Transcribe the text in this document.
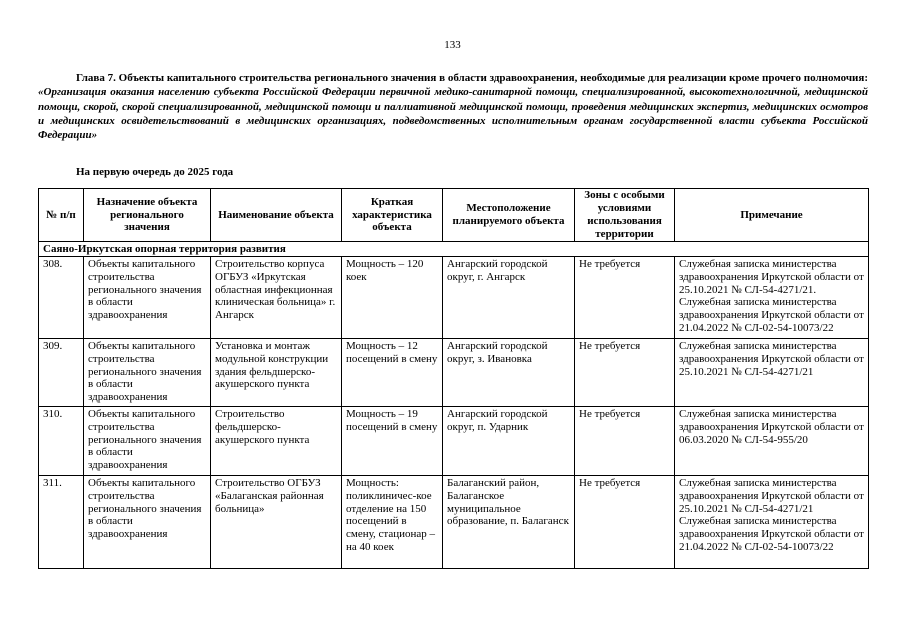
133

Глава 7. Объекты капитального строительства регионального значения в области здравоохранения, необходимые для реализации кроме прочего полномочия: «Организация оказания населению субъекта Российской Федерации первичной медико-санитарной помощи, специализированной, высокотехнологичной, медицинской помощи, скорой, скорой специализированной, медицинской помощи и паллиативной медицинской помощи, проведения медицинских экспертиз, медицинских осмотров и медицинских освидетельствований в медицинских организациях, подведомственных исполнительным органам государственной власти субъекта Российской Федерации»

На первую очередь до 2025 года
№ п/п	Назначение объекта регионального значения	Наименование объекта	Краткая характеристика объекта	Местоположение планируемого объекта	Зоны с особыми условиями использования территории	Примечание
Саяно-Иркутская опорная территория развития						
308.	Объекты капитального строительства регионального значения в области здравоохранения	Строительство корпуса ОГБУЗ «Иркутская областная инфекционная клиническая больница» г. Ангарск	Мощность – 120 коек	Ангарский городской округ, г. Ангарск	Не требуется	Служебная записка министерства здравоохранения Иркутской области от 25.10.2021 № СЛ-54-4271/21. Служебная записка министерства здравоохранения Иркутской области от 21.04.2022 № СЛ-02-54-10073/22
309.	Объекты капитального строительства регионального значения в области здравоохранения	Установка и монтаж модульной конструкции здания фельдшерско-акушерского пункта	Мощность – 12 посещений в смену	Ангарский городской округ, з. Ивановка	Не требуется	Служебная записка министерства здравоохранения Иркутской области от 25.10.2021 № СЛ-54-4271/21
310.	Объекты капитального строительства регионального значения в области здравоохранения	Строительство фельдшерско-акушерского пункта	Мощность – 19 посещений в смену	Ангарский городской округ, п. Ударник	Не требуется	Служебная записка министерства здравоохранения Иркутской области от 06.03.2020 № СЛ-54-955/20
311.	Объекты капитального строительства регионального значения в области здравоохранения	Строительство ОГБУЗ «Балаганская районная больница»	Мощность: поликлиничес-кое отделение на 150 посещений в смену, стационар – на 40 коек	Балаганский район, Балаганское муниципальное образование, п. Балаганск	Не требуется	Служебная записка министерства здравоохранения Иркутской области от 25.10.2021 № СЛ-54-4271/21 Служебная записка министерства здравоохранения Иркутской области от 21.04.2022 № СЛ-02-54-10073/22
